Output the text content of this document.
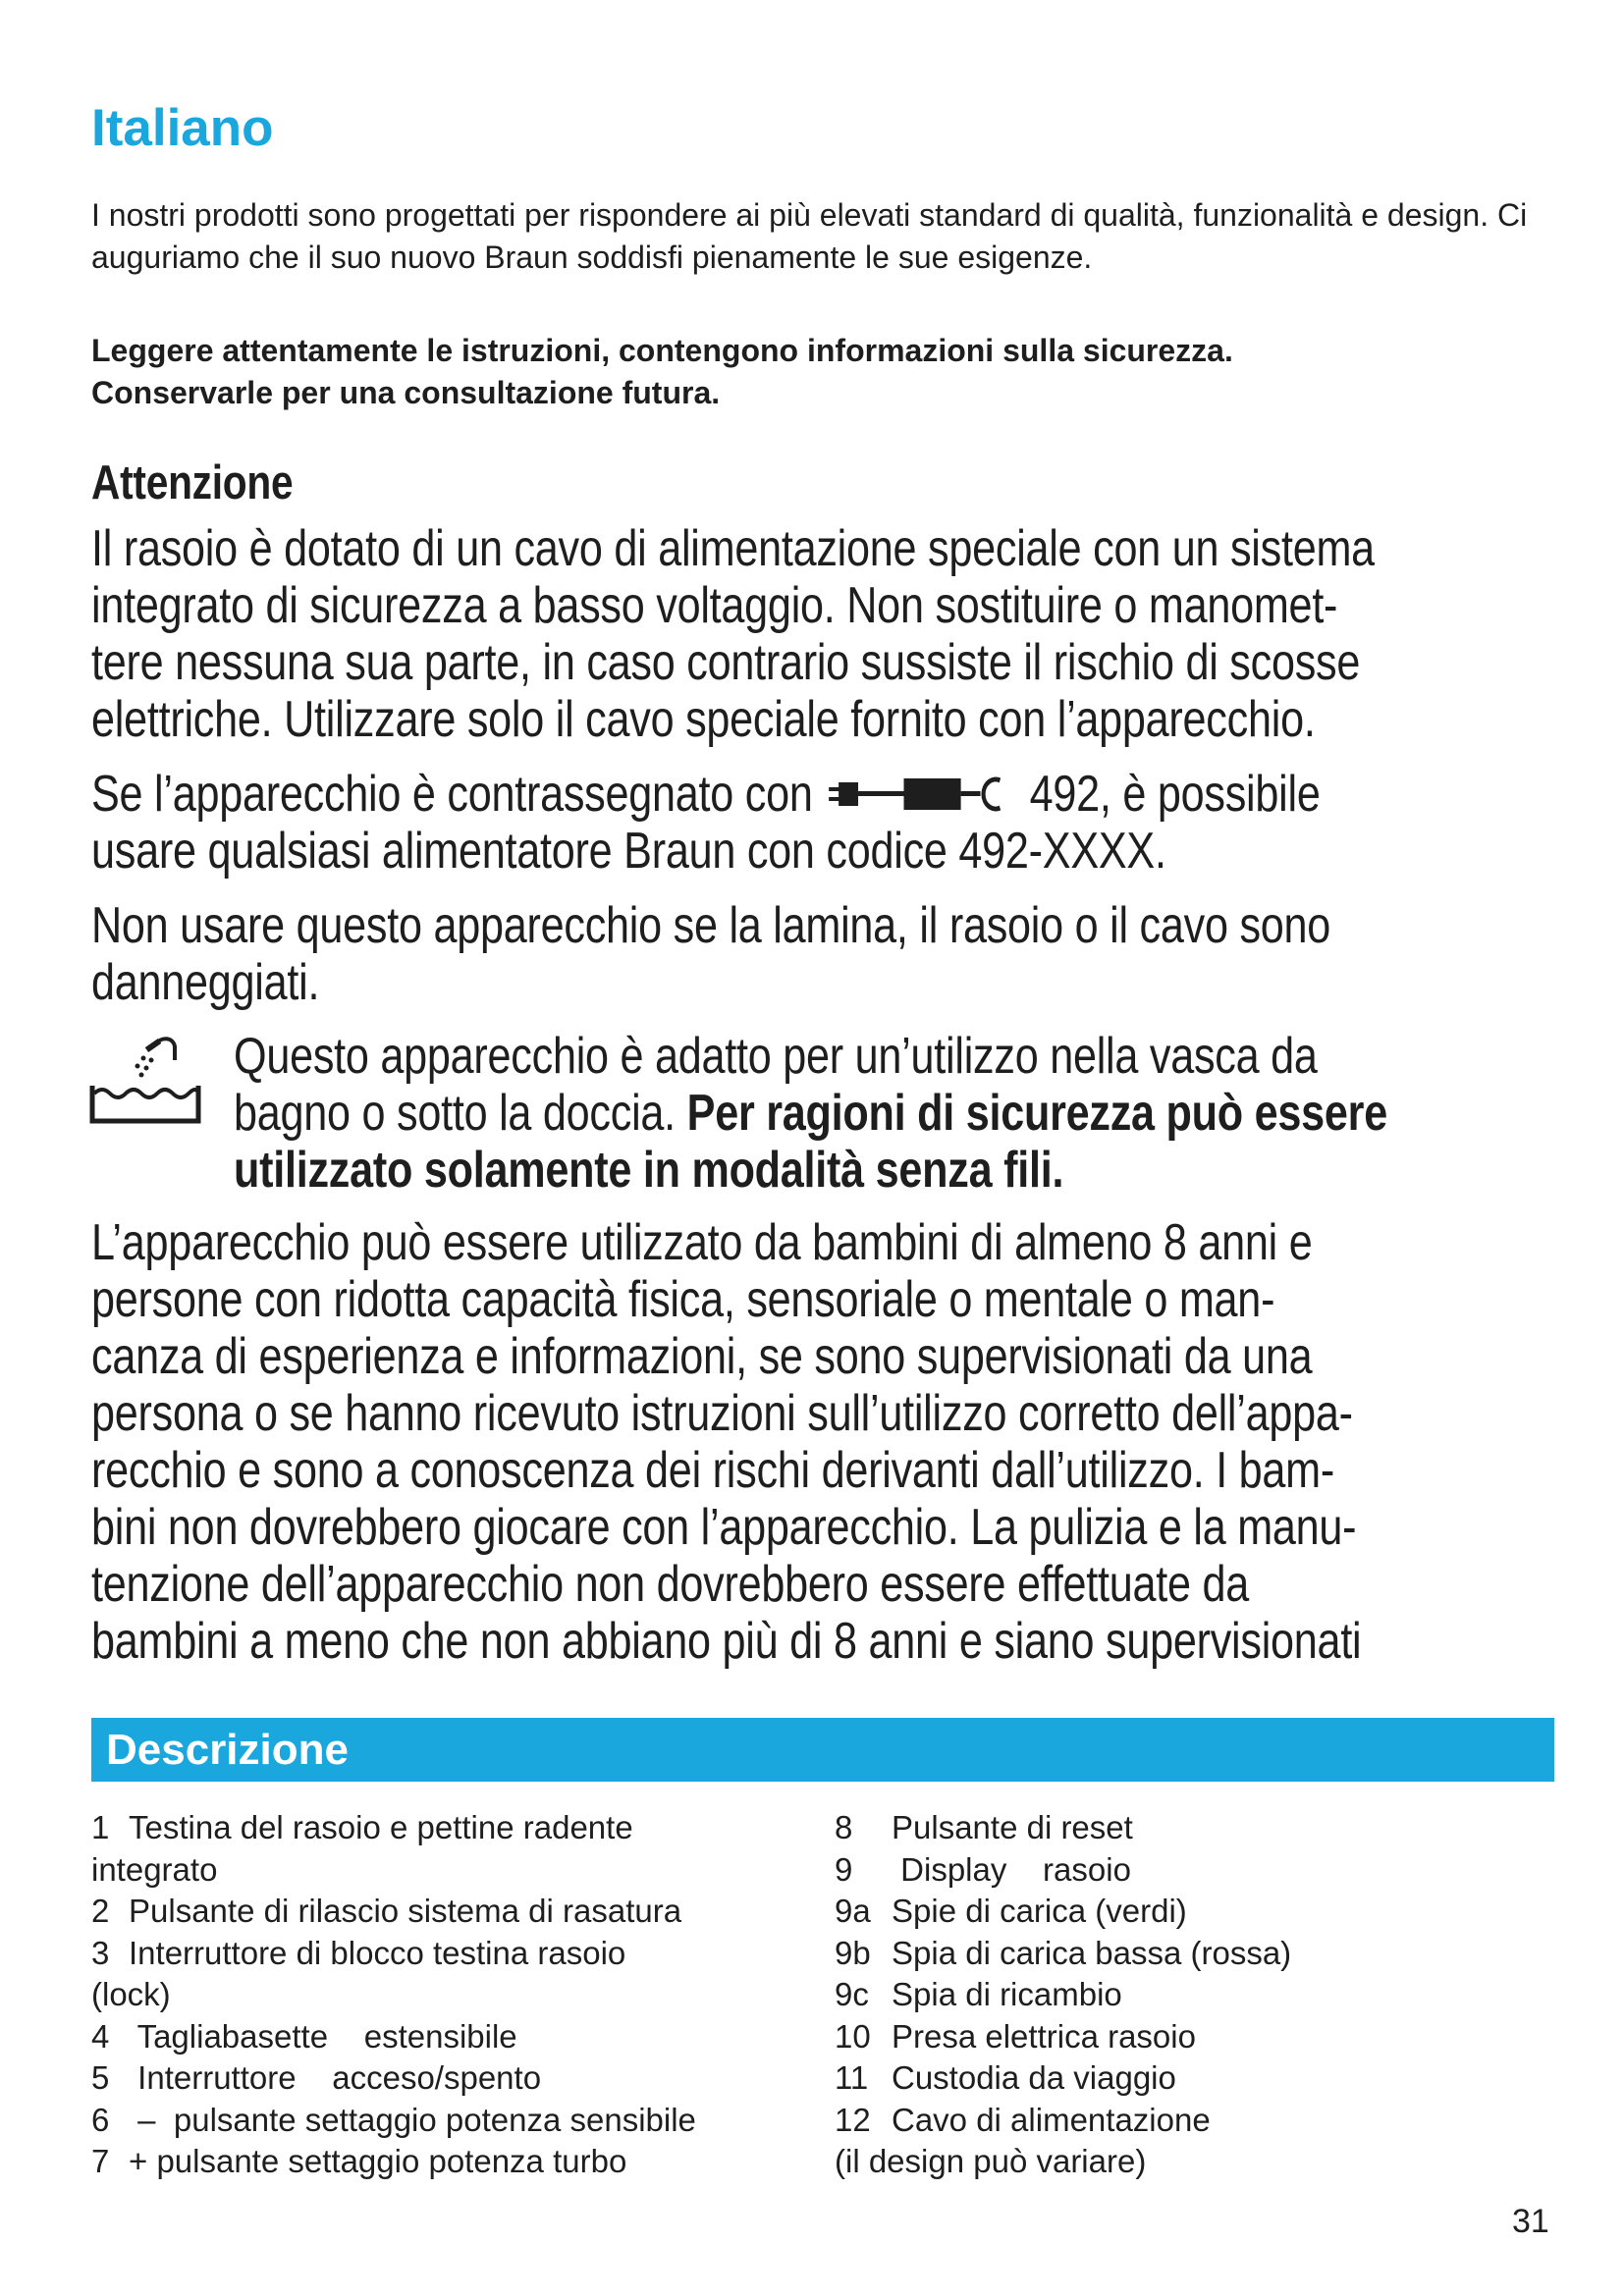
Italiano

I nostri prodotti sono progettati per rispondere ai più elevati standard di qualità, funzionalità e design. Ci auguriamo che il suo nuovo Braun soddisfi pienamente le sue esigenze.

Leggere attentamente le istruzioni, contengono informazioni sulla sicurezza.
Conservarle per una consultazione futura.

Attenzione
Il rasoio è dotato di un cavo di alimentazione speciale con un sistema
integrato di sicurezza a basso voltaggio. Non sostituire o manomet-
tere nessuna sua parte, in caso contrario sussiste il rischio di scosse
elettriche. Utilizzare solo il cavo speciale fornito con l’apparecchio.
Se l’apparecchio è contrassegnato con	492, è possibile
usare qualsiasi alimentatore Braun con codice 492-XXXX.
Non usare questo apparecchio se la lamina, il rasoio o il cavo sono
danneggiati.
Questo apparecchio è adatto per un’utilizzo nella vasca da
bagno o sotto la doccia. Per ragioni di sicurezza può essere
utilizzato solamente in modalità senza fili.
L’apparecchio può essere utilizzato da bambini di almeno 8 anni e
persone con ridotta capacità fisica, sensoriale o mentale o man-
canza di esperienza e informazioni, se sono supervisionati da una
persona o se hanno ricevuto istruzioni sull’utilizzo corretto dell’appa-
recchio e sono a conoscenza dei rischi derivanti dall’utilizzo. I bam-
bini non dovrebbero giocare con l’apparecchio. La pulizia e la manu-
tenzione dell’apparecchio non dovrebbero essere effettuate da
bambini a meno che non abbiano più di 8 anni e siano supervisionati
Descrizione
1 Testina del rasoio e pettine radente
integrato
2 Pulsante di rilascio sistema di rasatura
3 Interruttore di blocco testina rasoio
(lock)
4 Tagliabasette    estensibile
5 Interruttore    acceso/spento
6 –  pulsante settaggio potenza sensibile
7 + pulsante settaggio potenza turbo
8 Pulsante di reset
9 Display    rasoio
9a Spie di carica (verdi)
9b Spia di carica bassa (rossa)
9c Spia di ricambio
10 Presa elettrica rasoio
11 Custodia da viaggio
12 Cavo di alimentazione
(il design può variare)
31
